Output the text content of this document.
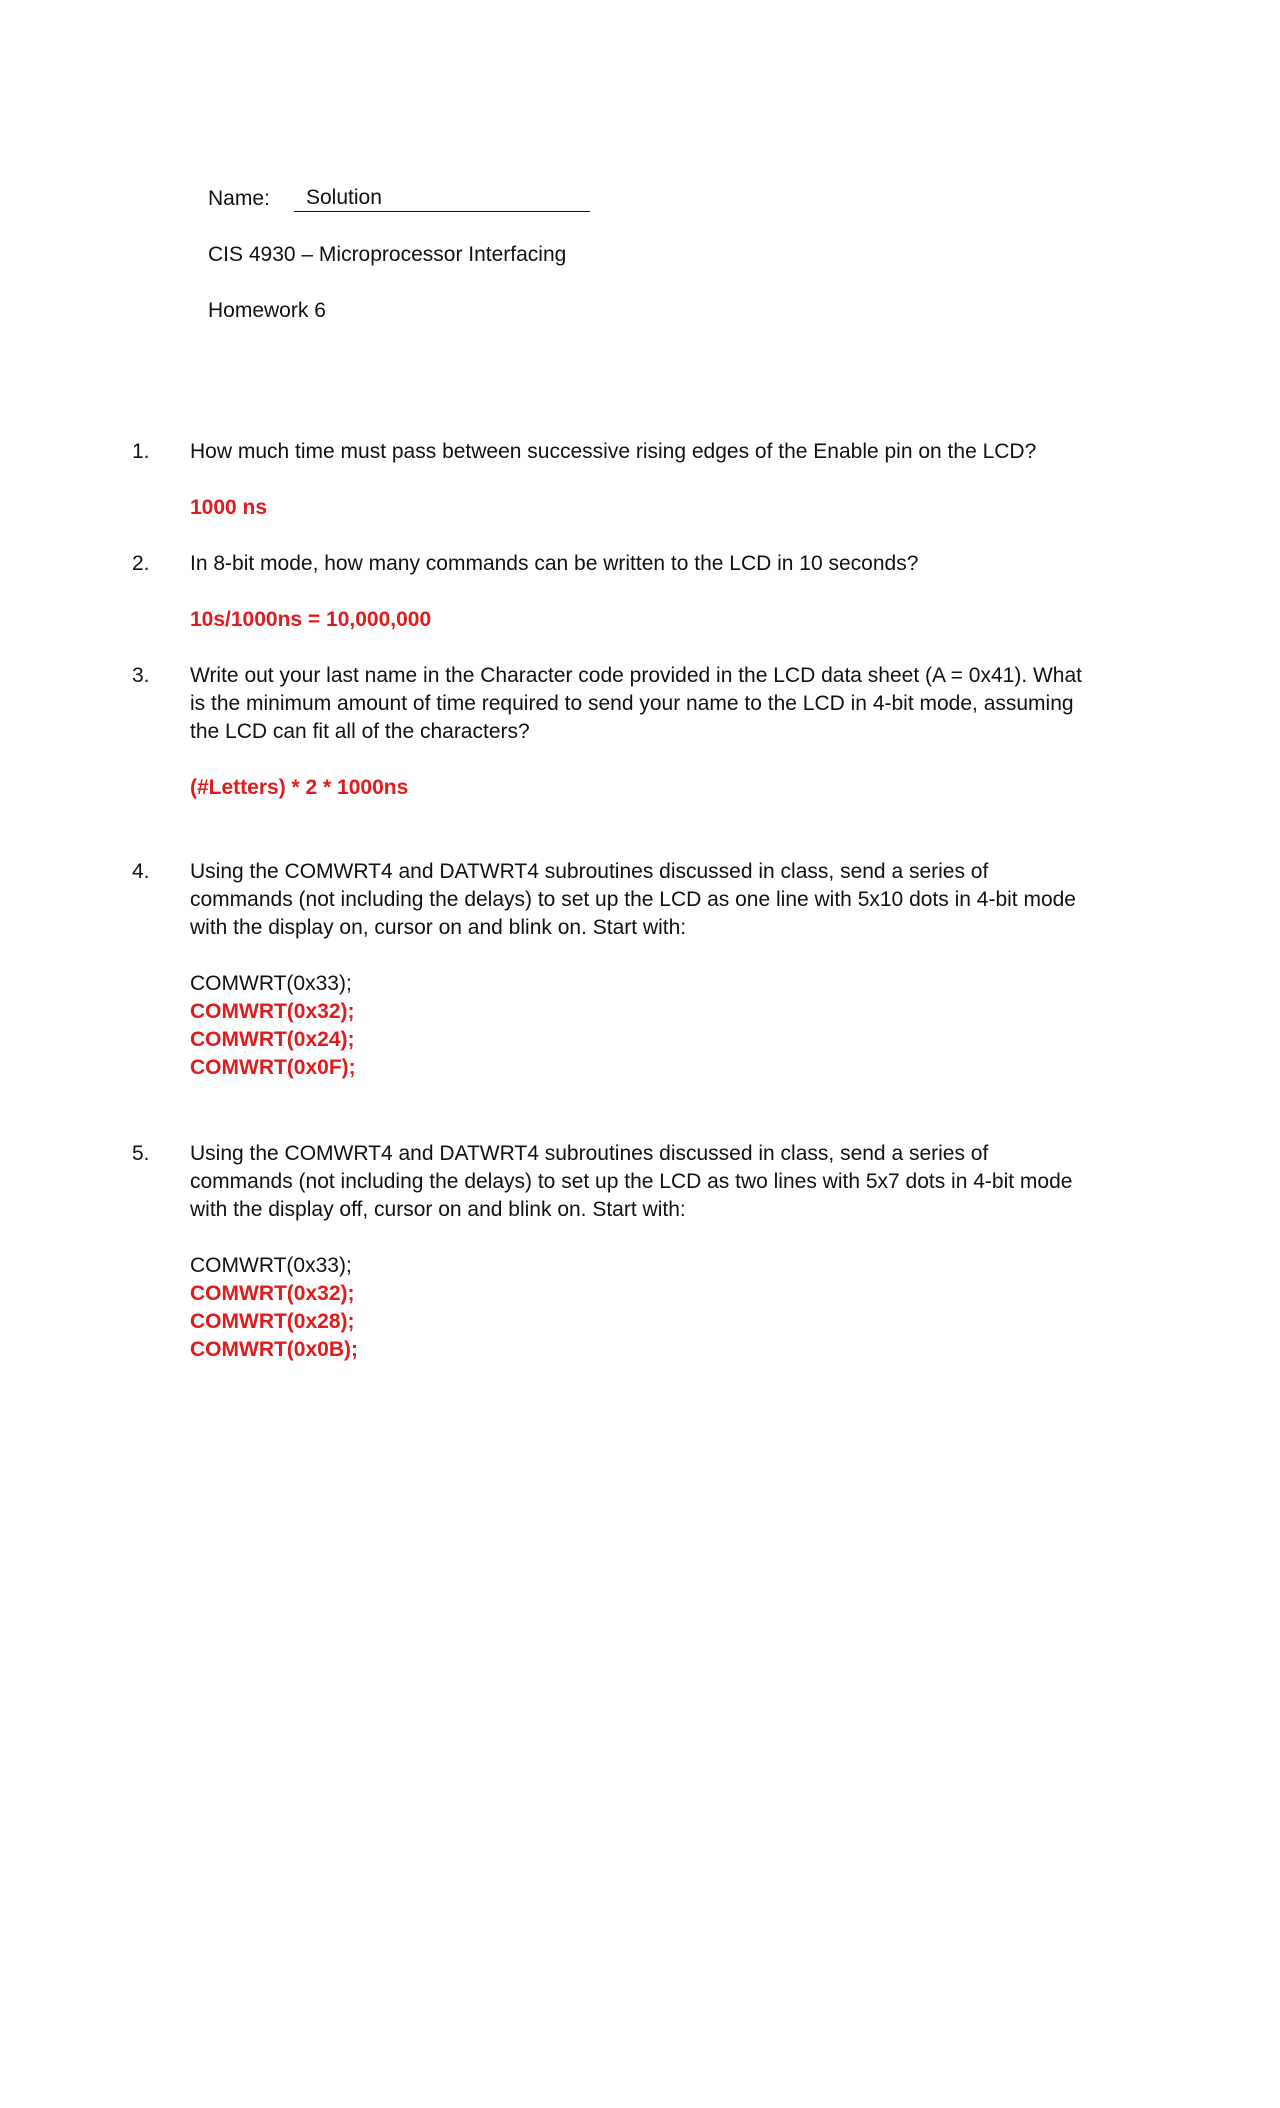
Name:	Solution
CIS 4930 – Microprocessor Interfacing
Homework 6
1. How much time must pass between successive rising edges of the Enable pin on the LCD?

1000 ns
2. In 8-bit mode, how many commands can be written to the LCD in 10 seconds?

10s/1000ns = 10,000,000
3. Write out your last name in the Character code provided in the LCD data sheet (A = 0x41). What is the minimum amount of time required to send your name to the LCD in 4-bit mode, assuming the LCD can fit all of the characters?

(#Letters) * 2 * 1000ns
4. Using the COMWRT4 and DATWRT4 subroutines discussed in class, send a series of commands (not including the delays) to set up the LCD as one line with 5x10 dots in 4-bit mode with the display on, cursor on and blink on. Start with:

COMWRT(0x33);
COMWRT(0x32);
COMWRT(0x24);
COMWRT(0x0F);
5. Using the COMWRT4 and DATWRT4 subroutines discussed in class, send a series of commands (not including the delays) to set up the LCD as two lines with 5x7 dots in 4-bit mode with the display off, cursor on and blink on. Start with:

COMWRT(0x33);
COMWRT(0x32);
COMWRT(0x28);
COMWRT(0x0B);
